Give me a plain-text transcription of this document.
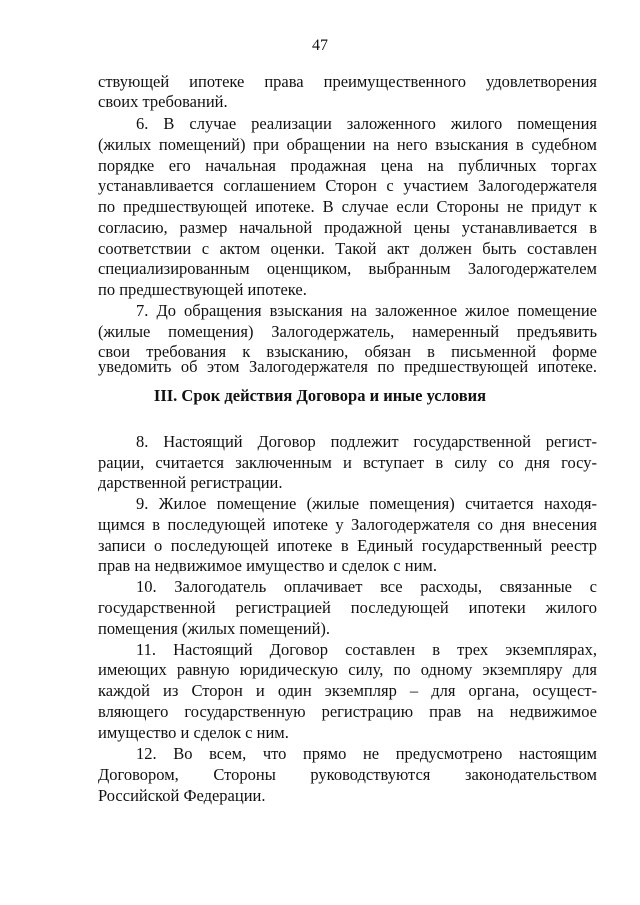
47
ствующей ипотеке права преимущественного удовлетворения
своих требований.
6. В случае реализации заложенного жилого помещения
(жилых помещений) при обращении на него взыскания в судебном
порядке его начальная продажная цена на публичных торгах
устанавливается соглашением Сторон с участием Залогодержателя
по предшествующей ипотеке. В случае если Стороны не придут к
согласию, размер начальной продажной цены устанавливается в
соответствии с актом оценки. Такой акт должен быть составлен
специализированным оценщиком, выбранным Залогодержателем
по предшествующей ипотеке.
7. До обращения взыскания на заложенное жилое помещение
(жилые помещения) Залогодержатель, намеренный предъявить
свои требования к взысканию, обязан в письменной форме
уведомить об этом Залогодержателя по предшествующей ипотеке.
III. Срок действия Договора и иные условия
8. Настоящий Договор подлежит государственной регист-
рации, считается заключенным и вступает в силу со дня госу-
дарственной регистрации.
9. Жилое помещение (жилые помещения) считается находя-
щимся в последующей ипотеке у Залогодержателя со дня внесения
записи о последующей ипотеке в Единый государственный реестр
прав на недвижимое имущество и сделок с ним.
10. Залогодатель оплачивает все расходы, связанные с
государственной регистрацией последующей ипотеки жилого
помещения (жилых помещений).
11. Настоящий Договор составлен в трех экземплярах,
имеющих равную юридическую силу, по одному экземпляру для
каждой из Сторон и один экземпляр – для органа, осущест-
вляющего государственную регистрацию прав на недвижимое
имущество и сделок с ним.
12. Во всем, что прямо не предусмотрено настоящим
Договором, Стороны руководствуются законодательством
Российской Федерации.
